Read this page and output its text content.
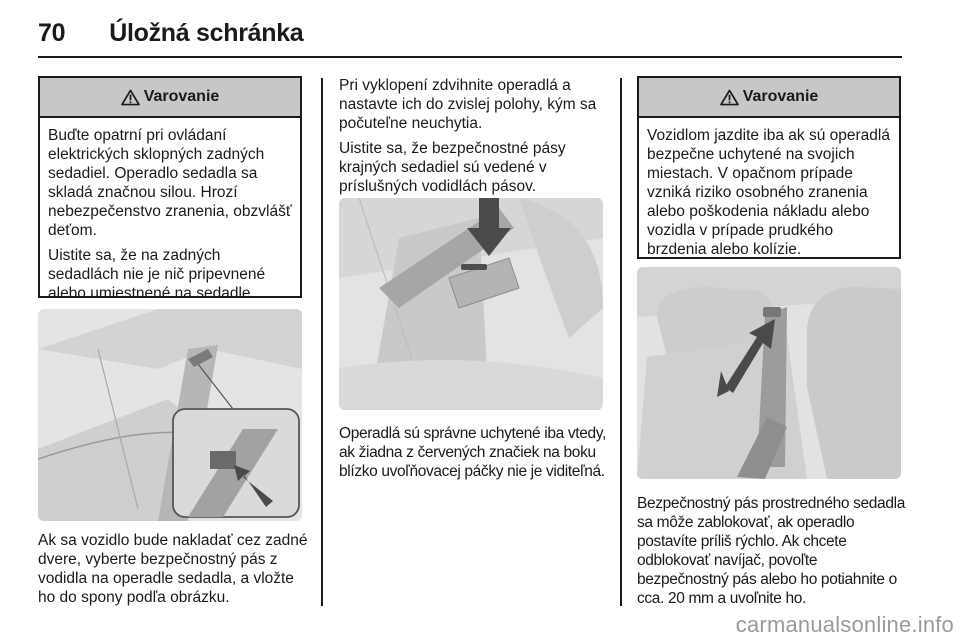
70 Úložná schránka
Varovanie
Buďte opatrní pri ovládaní elektrických sklopných zadných sedadiel. Operadlo sedadla sa skladá značnou silou. Hrozí nebezpečenstvo zranenia, obzvlášť deťom.
Uistite sa, že na zadných sedadlách nie je nič pripevnené alebo umiestnené na sedadle.
Ak sa vozidlo bude nakladať cez zadné dvere, vyberte bezpečnostný pás z vodidla na operadle sedadla, a vložte ho do spony podľa obrázku.
Pri vyklopení zdvihnite operadlá a nastavte ich do zvislej polohy, kým sa počuteľne neuchytia.
Uistite sa, že bezpečnostné pásy krajných sedadiel sú vedené v príslušných vodidlách pásov.
Operadlá sú správne uchytené iba vtedy, ak žiadna z červených značiek na boku blízko uvoľňovacej páčky nie je viditeľná.
Varovanie
Vozidlom jazdite iba ak sú operadlá bezpečne uchytené na svojich miestach. V opačnom prípade vzniká riziko osobného zranenia alebo poškodenia nákladu alebo vozidla v prípade prudkého brzdenia alebo kolízie.
Bezpečnostný pás prostredného sedadla sa môže zablokovať, ak operadlo postavíte príliš rýchlo. Ak chcete odblokovať navíjač, povoľte bezpečnostný pás alebo ho potiahnite o cca. 20 mm a uvoľnite ho.
carmanualsonline.info
